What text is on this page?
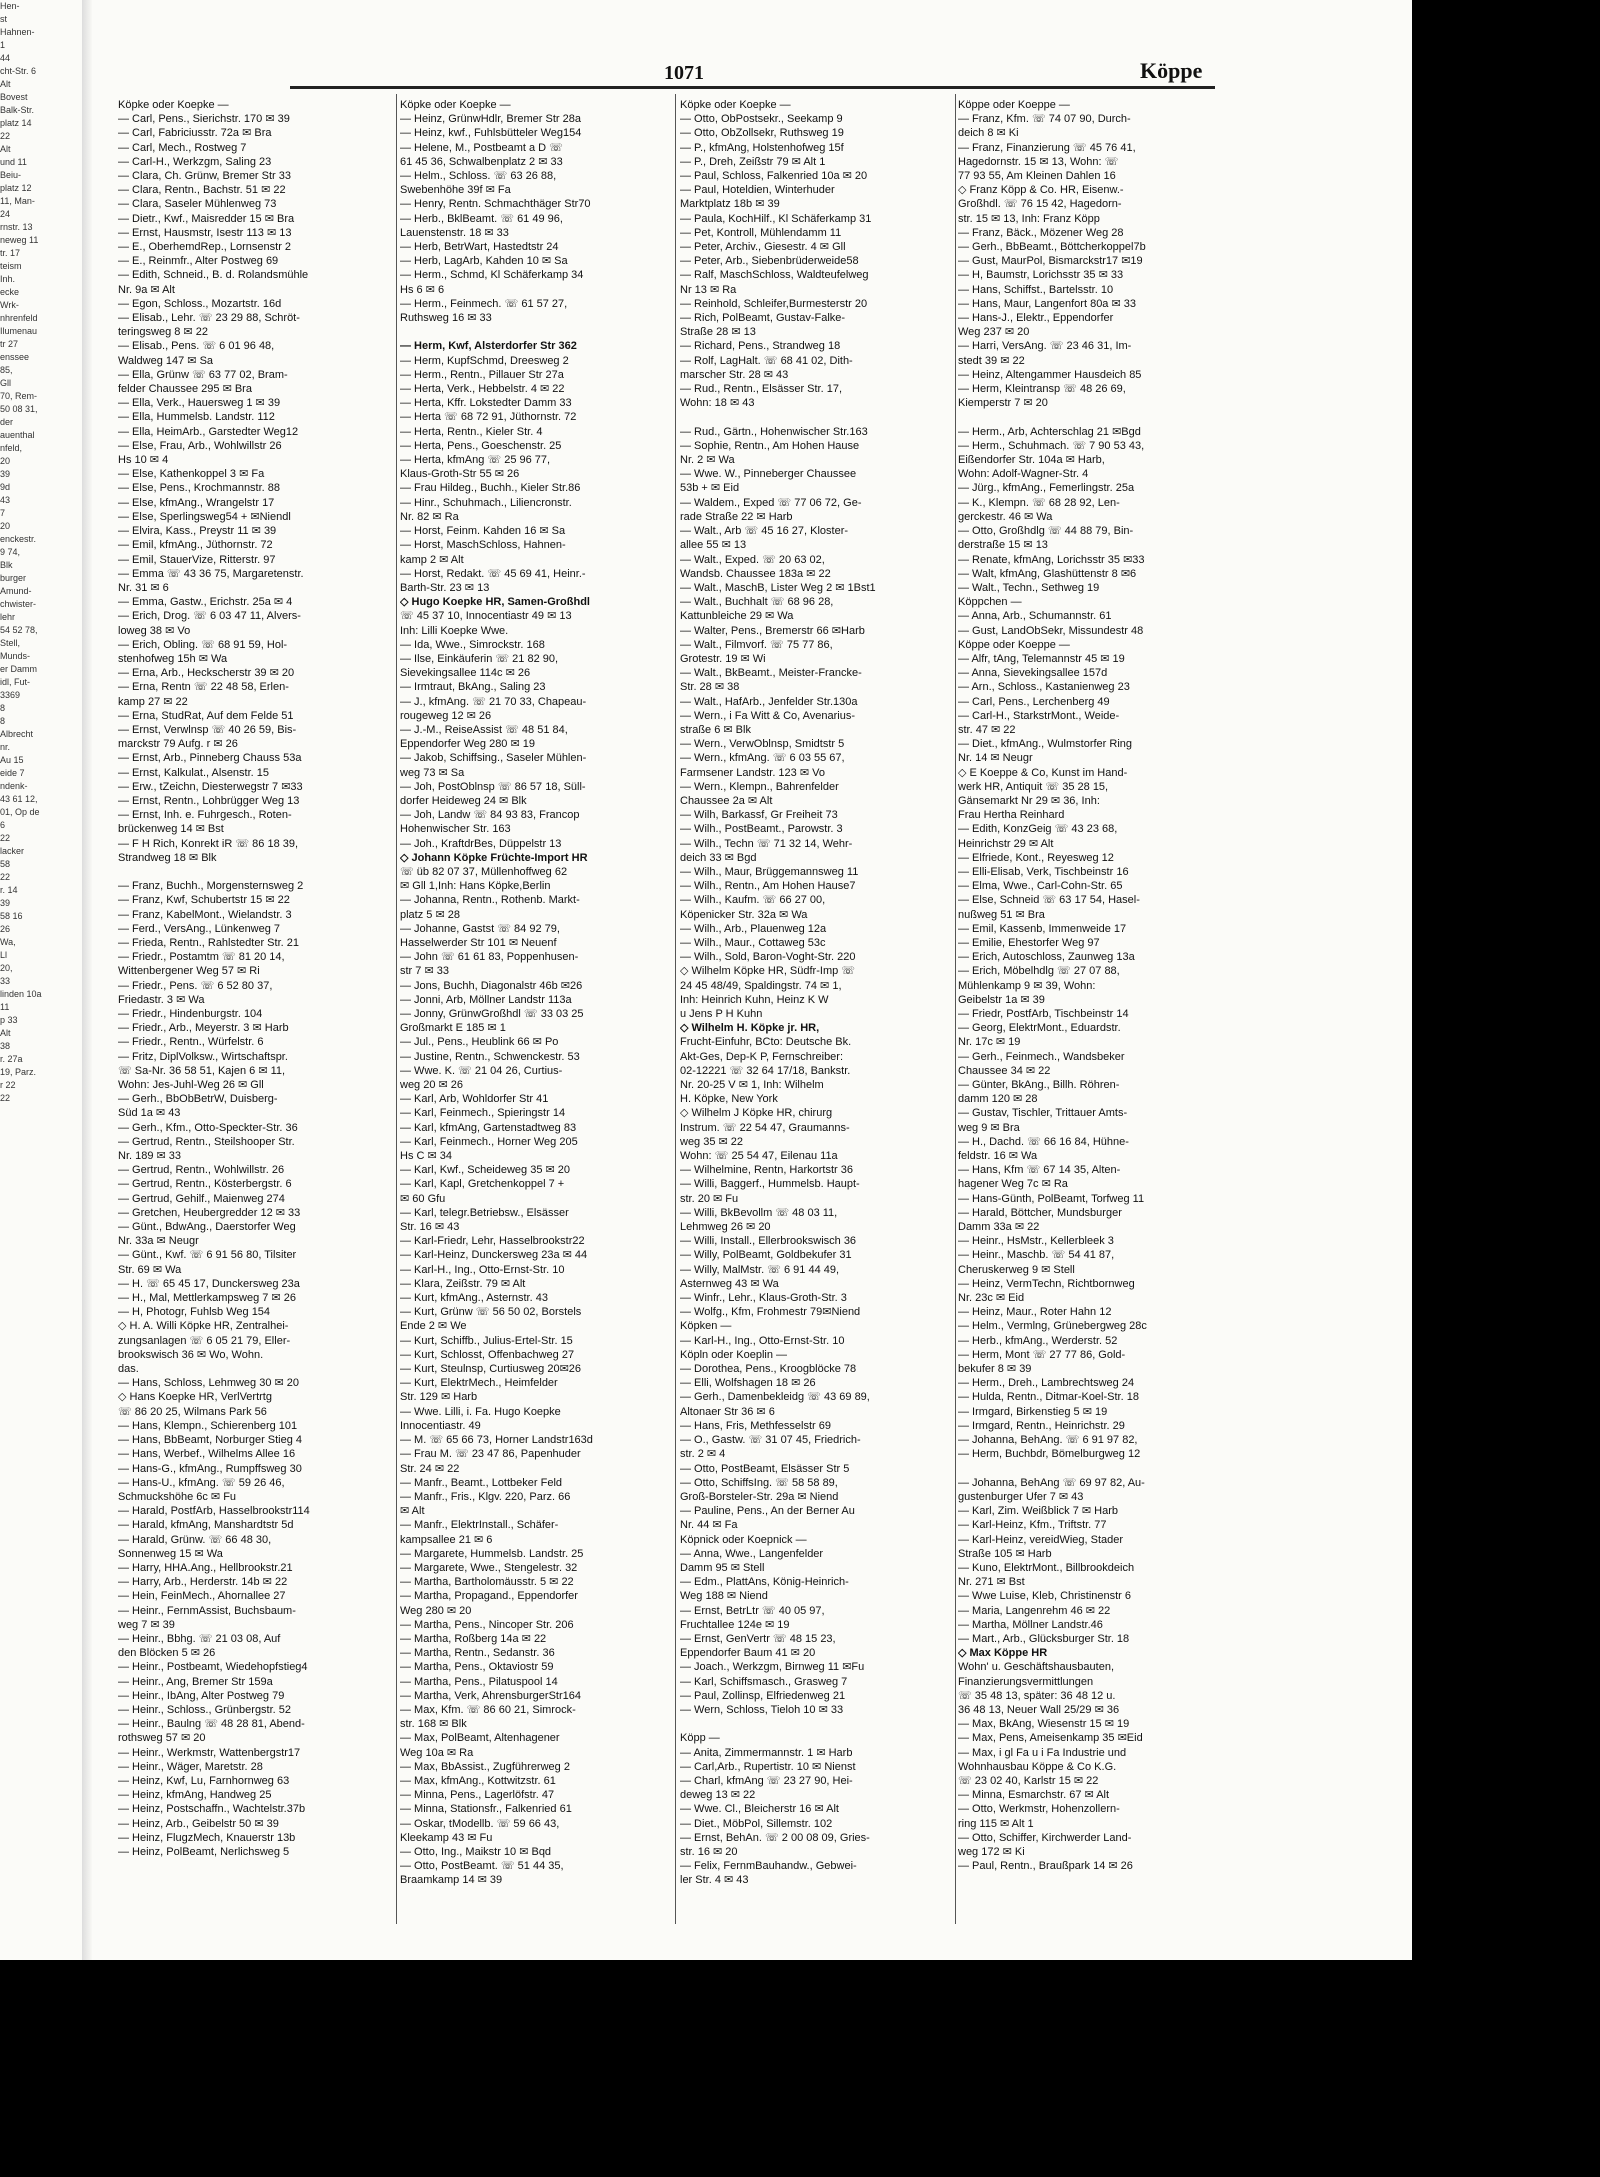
Hen-
st
Hahnen-
1
44
cht-Str. 6
Alt
Bovest
Balk-Str.
platz 14
22
Alt
und 11
Beiu-
platz 12
11, Man-
24
rnstr. 13
neweg 11
tr. 17
teism
Inh.
ecke
Wrk-
nhrenfeld
Ilumenau
tr 27
enssee
85,
Gll
70, Rem-
50 08 31,
der
auenthal
nfeld,
20
39
9d
43
7
20
enckestr.
9 74,
Blk
burger
Amund-
chwister-
lehr
54 52 78,
Stell,
Munds-
er Damm
idl, Fut-
3369
8
8
Albrecht
nr.
Au 15
eide 7
ndenk-
43 61 12,
01, Op de
6
22
lacker
58
22
r. 14
39
58 16
26
Wa,
Ll
20,
33
linden 10a
11
p 33
Alt
38
r. 27a
19, Parz.
r 22
22
1071	Köppe
Köpke oder Koepke —
— Carl, Pens., Sierichstr. 170 ✉ 39
— Carl, Fabriciusstr. 72a ✉ Bra
— Carl, Mech., Rostweg 7
— Carl-H., Werkzgm, Saling 23
— Clara, Ch. Grünw, Bremer Str 33
— Clara, Rentn., Bachstr. 51 ✉ 22
— Clara, Saseler Mühlenweg 73
— Dietr., Kwf., Maisredder 15 ✉ Bra
— Ernst, Hausmstr, Isestr 113 ✉ 13
— E., OberhemdRep., Lornsenstr 2
— E., Reinmfr., Alter Postweg 69
— Edith, Schneid., B. d. Rolandsmühle
Nr. 9a ✉ Alt
— Egon, Schloss., Mozartstr. 16d
— Elisab., Lehr. ☏ 23 29 88, Schröt-
teringsweg 8 ✉ 22
— Elisab., Pens. ☏ 6 01 96 48,
Waldweg 147 ✉ Sa
— Ella, Grünw ☏ 63 77 02, Bram-
felder Chaussee 295 ✉ Bra
— Ella, Verk., Hauersweg 1 ✉ 39
— Ella, Hummelsb. Landstr. 112
— Ella, HeimArb., Garstedter Weg12
— Else, Frau, Arb., Wohlwillstr 26
Hs 10 ✉ 4
— Else, Kathenkoppel 3 ✉ Fa
— Else, Pens., Krochmannstr. 88
— Else, kfmAng., Wrangelstr 17
— Else, Sperlingsweg54 + ✉Niendl
— Elvira, Kass., Preystr 11 ✉ 39
— Emil, kfmAng., Jüthornstr. 72
— Emil, StauerVize, Ritterstr. 97
— Emma ☏ 43 36 75, Margaretenstr.
Nr. 31 ✉ 6
— Emma, Gastw., Erichstr. 25a ✉ 4
— Erich, Drog. ☏ 6 03 47 11, Alvers-
loweg 38 ✉ Vo
— Erich, Obling. ☏ 68 91 59, Hol-
stenhofweg 15h ✉ Wa
— Erna, Arb., Heckscherstr 39 ✉ 20
— Erna, Rentn ☏ 22 48 58, Erlen-
kamp 27 ✉ 22
— Erna, StudRat, Auf dem Felde 51
— Ernst, Verwlnsp ☏ 40 26 59, Bis-
marckstr 79 Aufg. r ✉ 26
— Ernst, Arb., Pinneberg Chauss 53a
— Ernst, Kalkulat., Alsenstr. 15
— Erw., tZeichn, Diesterwegstr 7 ✉33
— Ernst, Rentn., Lohbrügger Weg 13
— Ernst, Inh. e. Fuhrgesch., Roten-
brückenweg 14 ✉ Bst
— F H Rich, Konrekt iR ☏ 86 18 39,
Strandweg 18 ✉ Blk

— Franz, Buchh., Morgensternsweg 2
— Franz, Kwf, Schubertstr 15 ✉ 22
— Franz, KabelMont., Wielandstr. 3
— Ferd., VersAng., Lünkenweg 7
— Frieda, Rentn., Rahlstedter Str. 21
— Friedr., Postamtm ☏ 81 20 14,
Wittenbergener Weg 57 ✉ Ri
— Friedr., Pens. ☏ 6 52 80 37,
Friedastr. 3 ✉ Wa
— Friedr., Hindenburgstr. 104
— Friedr., Arb., Meyerstr. 3 ✉ Harb
— Friedr., Rentn., Würfelstr. 6
— Fritz, DiplVolksw., Wirtschaftspr.
☏ Sa-Nr. 36 58 51, Kajen 6 ✉ 11,
Wohn: Jes-Juhl-Weg 26 ✉ Gll
— Gerh., BbObBetrW, Duisberg-
Süd 1a ✉ 43
— Gerh., Kfm., Otto-Speckter-Str. 36
— Gertrud, Rentn., Steilshooper Str.
Nr. 189 ✉ 33
— Gertrud, Rentn., Wohlwillstr. 26
— Gertrud, Rentn., Kösterbergstr. 6
— Gertrud, Gehilf., Maienweg 274
— Gretchen, Heubergredder 12 ✉ 33
— Günt., BdwAng., Daerstorfer Weg
Nr. 33a ✉ Neugr
— Günt., Kwf. ☏ 6 91 56 80, Tilsiter
Str. 69 ✉ Wa
— H. ☏ 65 45 17, Duncker​sweg 23a
— H., Mal, Mettlerkampsweg 7 ✉ 26
— H, Photogr, Fuhlsb Weg 154
◇ H. A. Willi Köpke HR, Zentralhei-
zungsanlagen ☏ 6 05 21 79, Eller-
brookswisch 36 ✉ Wo, Wohn.
das.
— Hans, Schloss, Lehmweg 30 ✉ 20
◇ Hans Koepke HR, VerlVertrtg
☏ 86 20 25, Wilmans Park 56
— Hans, Klempn., Schierenberg 101
— Hans, BbBeamt, Norburger Stieg 4
— Hans, Werbef., Wilhelms Allee 16
— Hans-G., kfmAng., Rumpffsweg 30
— Hans-U., kfmAng. ☏ 59 26 46,
Schmuckshöhe 6c ✉ Fu
— Harald, PostfArb, Hasselbrookstr114
— Harald, kfmAng, Manshardtstr 5d
— Harald, Grünw. ☏ 66 48 30,
Sonnenweg 15 ✉ Wa
— Harry, HHA.Ang., Hellbrookstr.21
— Harry, Arb., Herderstr. 14b ✉ 22
— Hein, FeinMech., Ahornallee 27
— Heinr., FernmAssist, Buchsbaum-
weg 7 ✉ 39
— Heinr., Bbhg. ☏ 21 03 08, Auf
den Blöcken 5 ✉ 26
— Heinr., Postbeamt, Wiedehopfstieg4
— Heinr., Ang, Bremer Str 159a
— Heinr., IbAng, Alter Postweg 79
— Heinr., Schloss., Grünbergstr. 52
— Heinr., Baulng ☏ 48 28 81, Abend-
rothsweg 57 ✉ 20
— Heinr., Werkmstr, Wattenbergstr17
— Heinr., Wäger, Maretstr. 28
— Heinz, Kwf, Lu, Farnhornweg 63
— Heinz, kfmAng, Handweg 25
— Heinz, Postschaffn., Wachtelstr.37b
— Heinz, Arb., Geibelstr 50 ✉ 39
— Heinz, FlugzMech, Knauerstr 13b
— Heinz, PolBeamt, Nerlichsweg 5
Köpke oder Koepke —
— Heinz, GrünwHdlr, Bremer Str 28a
— Heinz, kwf., Fuhlsbütteler Weg154
— Helene, M., Postbeamt a D ☏
61 45 36, Schwalbenplatz 2 ✉ 33
— Helm., Schloss. ☏ 63 26 88,
Swebenhöhe 39f ✉ Fa
— Henry, Rentn. Schmachthäger Str70
— Herb., BklBeamt. ☏ 61 49 96,
Lauenstenstr. 18 ✉ 33
— Herb, BetrWart, Hastedtstr 24
— Herb, LagArb, Kahden 10 ✉ Sa
— Herm., Schmd, Kl Schäferkamp 34
Hs 6 ✉ 6
— Herm., Feinmech. ☏ 61 57 27,
Ruthsweg 16 ✉ 33

— Herm, Kwf, Alsterdorfer Str 362
— Herm, KupfSchmd, Dreesweg 2
— Herm., Rentn., Pillauer Str 27a
— Herta, Verk., Hebbelstr. 4 ✉ 22
— Herta, Kffr. Lokstedter Damm 33
— Herta ☏ 68 72 91, Jüthornstr. 72
— Herta, Rentn., Kieler Str. 4
— Herta, Pens., Goeschenstr. 25
— Herta, kfmAng ☏ 25 96 77,
Klaus-Groth-Str 55 ✉ 26
— Frau Hildeg., Buchh., Kieler Str.86
— Hinr., Schuhmach., Liliencronstr.
Nr. 82 ✉ Ra
— Horst, Feinm. Kahden 16 ✉ Sa
— Horst, MaschSchloss, Hahnen-
kamp 2 ✉ Alt
— Horst, Redakt. ☏ 45 69 41, Heinr.-
Barth-Str. 23 ✉ 13
◇ Hugo Koepke HR, Samen-Großhdl
☏ 45 37 10, Innocentiastr 49 ✉ 13
Inh: Lilli Koepke Wwe.
— Ida, Wwe., Simrockstr. 168
— Ilse, Einkäuferin ☏ 21 82 90,
Sievekingsallee 114c ✉ 26
— Irmtraut, BkAng., Saling 23
— J., kfmAng. ☏ 21 70 33, Chapeau-
rougeweg 12 ✉ 26
— J.-M., ReiseAssist ☏ 48 51 84,
Eppendorfer Weg 280 ✉ 19
— Jakob, Schiffsing., Saseler Mühlen-
weg 73 ✉ Sa
— Joh, PostOblnsp ☏ 86 57 18, Süll-
dorfer Heideweg 24 ✉ Blk
— Joh, Landw ☏ 84 93 83, Francop
Hohenwischer Str. 163
— Joh., KraftdrBes, Düppelstr 13
◇ Johann Köpke Früchte-Import HR
☏ üb 82 07 37, Müllenhoffweg 62
✉ Gll 1,Inh: Hans Köpke,Berlin
— Johanna, Rentn., Rothenb. Markt-
platz 5 ✉ 28
— Johanne, Gastst ☏ 84 92 79,
Hasselwerder Str 101 ✉ Neuenf
— John ☏ 61 61 83, Poppenhusen-
str 7 ✉ 33
— Jons, Buchh, Diagonalstr 46b ✉26
— Jonni, Arb, Möllner Landstr 113a
— Jonny, GrünwGroßhdl ☏ 33 03 25
Großmarkt E 185 ✉ 1
— Jul., Pens., Heublink 66 ✉ Po
— Justine, Rentn., Schwenckestr. 53
— Wwe. K. ☏ 21 04 26, Curtius-
weg 20 ✉ 26
— Karl, Arb, Wohldorfer Str 41
— Karl, Feinmech., Spieringstr 14
— Karl, kfmAng, Gartenstadtweg 83
— Karl, Feinmech., Horner Weg 205
Hs C ✉ 34
— Karl, Kwf., Scheideweg 35 ✉ 20
— Karl, Kapl, Gretchenkoppel 7 +
✉ 60 Gfu
— Karl, telegr.Betriebsw., Elsässer
Str. 16 ✉ 43
— Karl-Friedr, Lehr, Hasselbrookstr22
— Karl-Heinz, Dunckersweg 23a ✉ 44
— Karl-H., Ing., Otto-Ernst-Str. 10
— Klara, Zeißstr. 79 ✉ Alt
— Kurt, kfmAng., Asternstr. 43
— Kurt, Grünw ☏ 56 50 02, Borstels
Ende 2 ✉ We
— Kurt, Schiffb., Julius-Ertel-Str. 15
— Kurt, Schlosst, Offenbachweg 27
— Kurt, Steulnsp, Curtiusweg 20✉26
— Kurt, ElektrMech., Heimfelder
Str. 129 ✉ Harb
— Wwe. Lilli, i. Fa. Hugo Koepke
Innocentiastr. 49
— M. ☏ 65 66 73, Horner Landstr163d
— Frau M. ☏ 23 47 86, Papenhuder
Str. 24 ✉ 22
— Manfr., Beamt., Lottbeker Feld
— Manfr., Fris., Klgv. 220, Parz. 66
✉ Alt
— Manfr., ElektrInstall., Schäfer-
kampsallee 21 ✉ 6
— Margarete, Hummelsb. Landstr. 25
— Margarete, Wwe., Stengelestr. 32
— Martha, Bartholomäusstr. 5 ✉ 22
— Martha, Propagand., Eppendorfer
Weg 280 ✉ 20
— Martha, Pens., Nincoper Str. 206
— Martha, Roßberg 14a ✉ 22
— Martha, Rentn., Sedanstr. 36
— Martha, Pens., Oktaviostr 59
— Martha, Pens., Pilatuspool 14
— Martha, Verk, AhrensburgerStr164
— Max, Kfm. ☏ 86 60 21, Simrock-
str. 168 ✉ Blk
— Max, PolBeamt, Altenhagener
Weg 10a ✉ Ra
— Max, BbAssist., Zugführerweg 2
— Max, kfmAng., Kottwitzstr. 61
— Minna, Pens., Lagerlöfstr. 47
— Minna, Stationsfr., Falkenried 61
— Oskar, tModellb. ☏ 59 66 43,
Kleekamp 43 ✉ Fu
— Otto, Ing., Maikstr 10 ✉ Bqd
— Otto, PostBeamt. ☏ 51 44 35,
Braamkamp 14 ✉ 39
Köpke oder Koepke —
— Otto, ObPostsekr., Seekamp 9
— Otto, ObZollsekr, Ruthsweg 19
— P., kfmAng, Holstenhofweg 15f
— P., Dreh, Zeißstr 79 ✉ Alt 1
— Paul, Schloss, Falkenried 10a ✉ 20
— Paul, Hoteldien, Winterhuder
Marktplatz 18b ✉ 39
— Paula, KochHilf., Kl Schäferkamp 31
— Pet, Kontroll, Mühlendamm 11
— Peter, Archiv., Giesestr. 4 ✉ Gll
— Peter, Arb., Siebenbrüderweide58
— Ralf, MaschSchloss, Waldteufelweg
Nr 13 ✉ Ra
— Reinhold, Schleifer,Burmesterstr 20
— Rich, PolBeamt, Gustav-Falke-
Straße 28 ✉ 13
— Richard, Pens., Strandweg 18
— Rolf, LagHalt. ☏ 68 41 02, Dith-
marscher Str. 28 ✉ 43
— Rud., Rentn., Elsässer Str. 17,
Wohn: 18 ✉ 43

— Rud., Gärtn., Hohenwischer Str.163
— Sophie, Rentn., Am Hohen Hause
Nr. 2 ✉ Wa
— Wwe. W., Pinneberger Chaussee
53b + ✉ Eid
— Waldem., Exped ☏ 77 06 72, Ge-
rade Straße 22 ✉ Harb
— Walt., Arb ☏ 45 16 27, Kloster-
allee 55 ✉ 13
— Walt., Exped. ☏ 20 63 02,
Wandsb. Chaussee 183a ✉ 22
— Walt., MaschB, Lister Weg 2 ✉ 1Bst1
— Walt., Buchhalt ☏ 68 96 28,
Kattunbleiche 29 ✉ Wa
— Walter, Pens., Bremerstr 66 ✉Harb
— Walt., Filmvorf. ☏ 75 77 86,
Grotestr. 19 ✉ Wi
— Walt., BkBeamt., Meister-Francke-
Str. 28 ✉ 38
— Walt., HafArb., Jenfelder Str.130a
— Wern., i Fa Witt & Co, Avenarius-
straße 6 ✉ Blk
— Wern., VerwOblnsp, Smidtstr 5
— Wern., kfmAng. ☏ 6 03 55 67,
Farmsener Landstr. 123 ✉ Vo
— Wern., Klempn., Bahrenfelder
Chaussee 2a ✉ Alt
— Wilh, Barkassf, Gr Freiheit 73
— Wilh., PostBeamt., Parowstr. 3
— Wilh., Techn ☏ 71 32 14, Wehr-
deich 33 ✉ Bgd
— Wilh., Maur, Brüggemannsweg 11
— Wilh., Rentn., Am Hohen Hause7
— Wilh., Kaufm. ☏ 66 27 00,
Köpenicker Str. 32a ✉ Wa
— Wilh., Arb., Plauenweg 12a
— Wilh., Maur., Cottaweg 53c
— Wilh., Sold, Baron-Voght-Str. 220
◇ Wilhelm Köpke HR, Südfr-Imp ☏
24 45 48/49, Spaldingstr. 74 ✉ 1,
Inh: Heinrich Kuhn, Heinz K W
u Jens P H Kuhn
◇ Wilhelm H. Köpke jr. HR,
Frucht-Einfuhr, BCto: Deutsche Bk.
Akt-Ges, Dep-K P, Fernschreiber:
02-12221 ☏ 32 64 17/18, Bankstr.
Nr. 20-25 V ✉ 1, Inh: Wilhelm
H. Köpke, New York
◇ Wilhelm J Köpke HR, chirurg
Instrum. ☏ 22 54 47, Graumanns-
weg 35 ✉ 22
Wohn: ☏ 25 54 47, Eilenau 11a
— Wilhelmine, Rentn, Harkortstr 36
— Willi, Baggerf., Hummelsb. Haupt-
str. 20 ✉ Fu
— Willi, BkBevollm ☏ 48 03 11,
Lehmweg 26 ✉ 20
— Willi, Install., Ellerbrookswisch 36
— Willy, PolBeamt, Goldbekufer 31
— Willy, MalMstr. ☏ 6 91 44 49,
Asternweg 43 ✉ Wa
— Winfr., Lehr., Klaus-Groth-Str. 3
— Wolfg., Kfm, Frohmestr 79✉Niend
Köpken —
— Karl-H., Ing., Otto-Ernst-Str. 10
Köpln oder Koeplin —
— Dorothea, Pens., Kroogblöcke 78
— Elli, Wolfshagen 18 ✉ 26
— Gerh., Damenbekleidg ☏ 43 69 89,
Altonaer Str 36 ✉ 6
— Hans, Fris, Methfesselstr 69
— O., Gastw. ☏ 31 07 45, Friedrich-
str. 2 ✉ 4
— Otto, PostBeamt, Elsässer Str 5
— Otto, SchiffsIng. ☏ 58 58 89,
Groß-Borsteler-Str. 29a ✉ Niend
— Pauline, Pens., An der Berner Au
Nr. 44 ✉ Fa
Köpnick oder Koepnick —
— Anna, Wwe., Langenfelder
Damm 95 ✉ Stell
— Edm., PlattAns, König-Heinrich-
Weg 188 ✉ Niend
— Ernst, BetrLtr ☏ 40 05 97,
Fruchtallee 124e ✉ 19
— Ernst, GenVertr ☏ 48 15 23,
Eppendorfer Baum 41 ✉ 20
— Joach., Werkzgm, Birnweg 11 ✉Fu
— Karl, Schiffsmasch., Grasweg 7
— Paul, Zollinsp, Elfriedenweg 21
— Wern, Schloss, Tieloh 10 ✉ 33

Köpp —
— Anita, Zimmermannstr. 1 ✉ Harb
— Carl,Arb., Rupertistr. 10 ✉ Nienst
— Charl, kfmAng ☏ 23 27 90, Hei-
deweg 13 ✉ 22
— Wwe. Cl., Bleicherstr 16 ✉ Alt
— Diet., MöbPol, Sillemstr. 102
— Ernst, BehAn. ☏ 2 00 08 09, Gries-
str. 16 ✉ 20
— Felix, FernmBauhandw., Gebwei-
ler Str. 4 ✉ 43
Köppe oder Koeppe —
— Franz, Kfm. ☏ 74 07 90, Durch-
deich 8 ✉ Ki
— Franz, Finanzierung ☏ 45 76 41,
Hagedornstr. 15 ✉ 13, Wohn: ☏
77 93 55, Am Kleinen Dahlen 16
◇ Franz Köpp & Co. HR, Eisenw.-
Großhdl. ☏ 76 15 42, Hagedorn-
str. 15 ✉ 13, Inh: Franz Köpp
— Franz, Bäck., Mözener Weg 28
— Gerh., BbBeamt., Böttcherkoppel7b
— Gust, MaurPol, Bismarckstr17 ✉19
— H, Baumstr, Lorichsstr 35 ✉ 33
— Hans, Schiffst., Bartelsstr. 10
— Hans, Maur, Langenfort 80a ✉ 33
— Hans-J., Elektr., Eppendorfer
Weg 237 ✉ 20
— Harri, VersAng. ☏ 23 46 31, Im-
stedt 39 ✉ 22
— Heinz, Altengammer Hausdeich 85
— Herm, Kleintransp ☏ 48 26 69,
Kiemperstr 7 ✉ 20

— Herm., Arb, Achterschlag 21 ✉Bgd
— Herm., Schuhmach. ☏ 7 90 53 43,
Eißendorfer Str. 104a ✉ Harb,
Wohn: Adolf-Wagner-Str. 4
— Jürg., kfmAng., Femerlingstr. 25a
— K., Klempn. ☏ 68 28 92, Len-
gerckestr. 46 ✉ Wa
— Otto, Großhdlg ☏ 44 88 79, Bin-
derstraße 15 ✉ 13
— Renate, kfmAng, Lorichsstr 35 ✉33
— Walt, kfmAng, Glashüttenstr 8 ✉6
— Walt., Techn., Sethweg 19
Köppchen —
— Anna, Arb., Schumannstr. 61
— Gust, LandObSekr, Missundestr 48
Köppe oder Koeppe —
— Alfr, tAng, Telemannstr 45 ✉ 19
— Anna, Sievekingsallee 157d
— Arn., Schloss., Kastanienweg 23
— Carl, Pens., Lerchenberg 49
— Carl-H., StarkstrMont., Weide-
str. 47 ✉ 22
— Diet., kfmAng., Wulmstorfer Ring
Nr. 14 ✉ Neugr
◇ E Koeppe & Co, Kunst im Hand-
werk HR, Antiquit ☏ 35 28 15,
Gänsemarkt Nr 29 ✉ 36, Inh:
Frau Hertha Reinhard
— Edith, KonzGeig ☏ 43 23 68,
Heinrichstr 29 ✉ Alt
— Elfriede, Kont., Reyesweg 12
— Elli-Elisab, Verk, Tischbeinstr 16
— Elma, Wwe., Carl-Cohn-Str. 65
— Else, Schneid ☏ 63 17 54, Hasel-
nußweg 51 ✉ Bra
— Emil, Kassenb, Immenweide 17
— Emilie, Ehestorfer Weg 97
— Erich, Autoschloss, Zaunweg 13a
— Erich, Möbelhdlg ☏ 27 07 88,
Mühlenkamp 9 ✉ 39, Wohn:
Geibelstr 1a ✉ 39
— Friedr, PostfArb, Tischbeinstr 14
— Georg, ElektrMont., Eduardstr.
Nr. 17c ✉ 19
— Gerh., Feinmech., Wandsbeker
Chaussee 34 ✉ 22
— Günter, BkAng., Billh. Röhren-
damm 120 ✉ 28
— Gustav, Tischler, Trittauer Amts-
weg 9 ✉ Bra
— H., Dachd. ☏ 66 16 84, Hühne-
feldstr. 16 ✉ Wa
— Hans, Kfm ☏ 67 14 35, Alten-
hagener Weg 7c ✉ Ra
— Hans-Günth, PolBeamt, Torfweg 11
— Harald, Böttcher, Mundsburger
Damm 33a ✉ 22
— Heinr., HsMstr., Kellerbleek 3
— Heinr., Maschb. ☏ 54 41 87,
Cheruskerweg 9 ✉ Stell
— Heinz, VermTechn, Richtbornweg
Nr. 23c ✉ Eid
— Heinz, Maur., Roter Hahn 12
— Helm., Vermlng, Grünebergweg 28c
— Herb., kfmAng., Werderstr. 52
— Herm, Mont ☏ 27 77 86, Gold-
bekufer 8 ✉ 39
— Herm., Dreh., Lambrechtsweg 24
— Hulda, Rentn., Ditmar-Koel-Str. 18
— Irmgard, Birkenstieg 5 ✉ 19
— Irmgard, Rentn., Heinrichstr. 29
— Johanna, BehAng. ☏ 6 91 97 82,
— Herm, Buchbdr, Bömelburgweg 12

— Johanna, BehAng ☏ 69 97 82, Au-
gustenburger Ufer 7 ✉ 43
— Karl, Zim. Weißblick 7 ✉ Harb
— Karl-Heinz, Kfm., Triftstr. 77
— Karl-Heinz, vereidWieg, Stader
Straße 105 ✉ Harb
— Kuno, ElektrMont., Billbrookdeich
Nr. 271 ✉ Bst
— Wwe Luise, Kleb, Christinenstr 6
— Maria, Langenrehm 46 ✉ 22
— Martha, Möllner Landstr.46
— Mart., Arb., Glücksburger Str. 18
◇ Max Köppe HR
Wohn' u. Geschäftshausbauten,
Finanzierungsvermittlungen
☏ 35 48 13, später: 36 48 12 u.
36 48 13, Neuer Wall 25/29 ✉ 36
— Max, BkAng, Wiesenstr 15 ✉ 19
— Max, Pens, Ameisenkamp 35 ✉Eid
— Max, i gl Fa u i Fa Industrie und
Wohnhausbau Köppe & Co K.G.
☏ 23 02 40, Karlstr 15 ✉ 22
— Minna, Esmarchstr. 67 ✉ Alt
— Otto, Werkmstr, Hohenzollern-
ring 115 ✉ Alt 1
— Otto, Schiffer, Kirchwerder Land-
weg 172 ✉ Ki
— Paul, Rentn., Braußpark 14 ✉ 26
